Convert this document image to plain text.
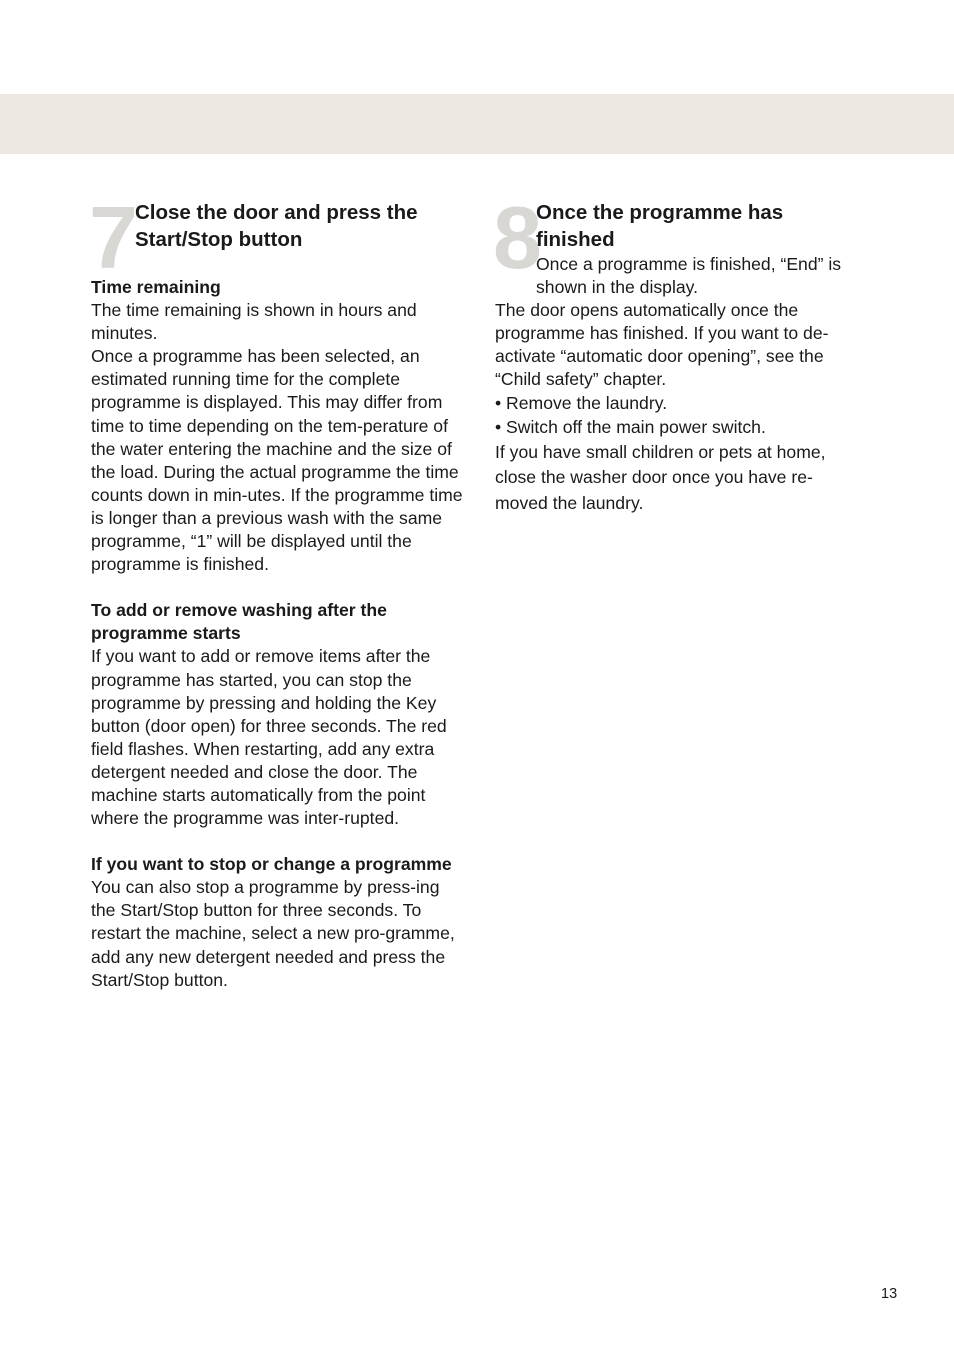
7 Close the door and press the Start/Stop button
Time remaining

The time remaining is shown in hours and minutes.

Once a programme has been selected, an estimated running time for the complete programme is displayed. This may differ from time to time depending on the tem-perature of the water entering the machine and the size of the load. During the actual programme the time counts down in min-utes. If the programme time is longer than a previous wash with the same programme, “1” will be displayed until the programme is finished.

To add or remove washing after the programme starts

If you want to add or remove items after the programme has started, you can stop the programme by pressing and holding the Key button (door open) for three seconds. The red field flashes. When restarting, add any extra detergent needed and close the door. The machine starts automatically from the point where the programme was inter-rupted.

If you want to stop or change a programme

You can also stop a programme by press-ing the Start/Stop button for three seconds. To restart the machine, select a new pro-gramme, add any new detergent needed and press the Start/Stop button.

8
Once the programme has finished

Once a programme is finished, “End” is shown in the display.

The door opens automatically once the programme has finished. If you want to de-activate “automatic door opening”, see the “Child safety” chapter.

• Remove the laundry.

• Switch off the main power switch.

If you have small children or pets at home, close the washer door once you have re-moved the laundry.

13
